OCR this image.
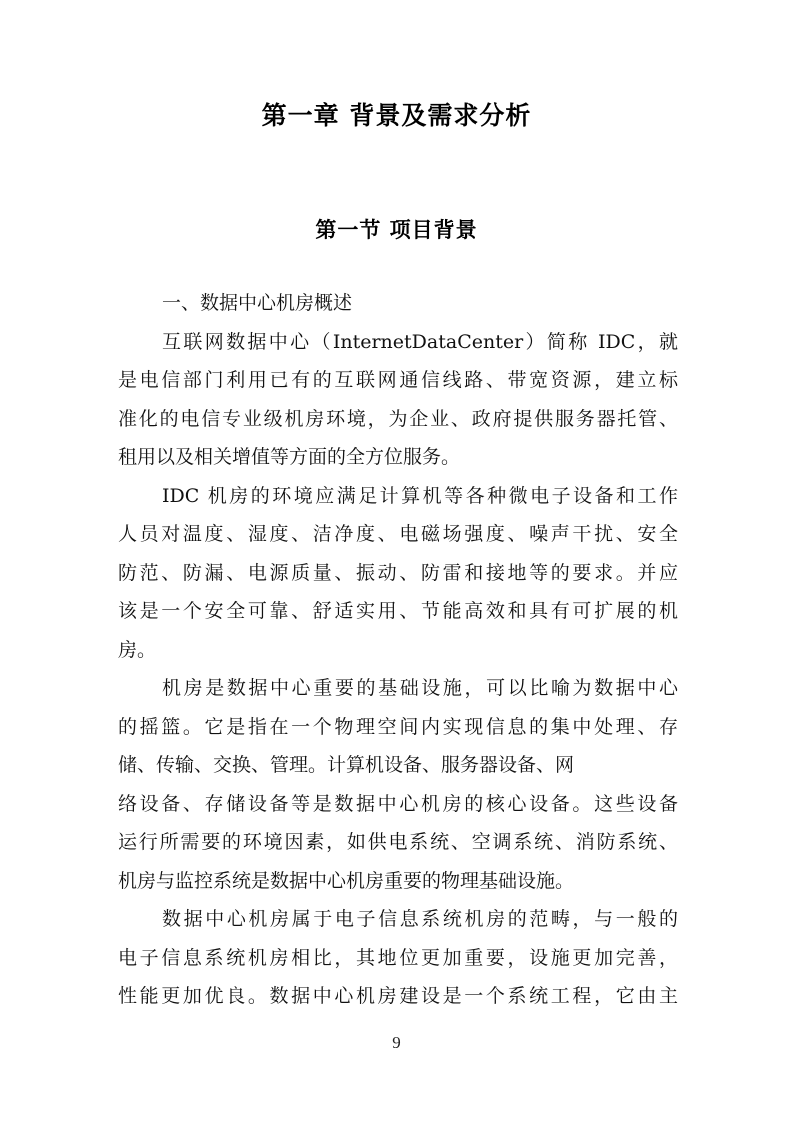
第一章 背景及需求分析
第一节 项目背景
一、数据中心机房概述
互联网数据中心（InternetDataCenter）简称 IDC，就
是电信部门利用已有的互联网通信线路、带宽资源，建立标
准化的电信专业级机房环境，为企业、政府提供服务器托管、
租用以及相关增值等方面的全方位服务。
IDC 机房的环境应满足计算机等各种微电子设备和工作
人员对温度、湿度、洁净度、电磁场强度、噪声干扰、安全
防范、防漏、电源质量、振动、防雷和接地等的要求。并应
该是一个安全可靠、舒适实用、节能高效和具有可扩展的机
房。
机房是数据中心重要的基础设施，可以比喻为数据中心
的摇篮。它是指在一个物理空间内实现信息的集中处理、存
储、传输、交换、管理。计算机设备、服务器设备、网
络设备、存储设备等是数据中心机房的核心设备。这些设备
运行所需要的环境因素，如供电系统、空调系统、消防系统、
机房与监控系统是数据中心机房重要的物理基础设施。
数据中心机房属于电子信息系统机房的范畴，与一般的
电子信息系统机房相比，其地位更加重要，设施更加完善，
性能更加优良。数据中心机房建设是一个系统工程，它由主
9
